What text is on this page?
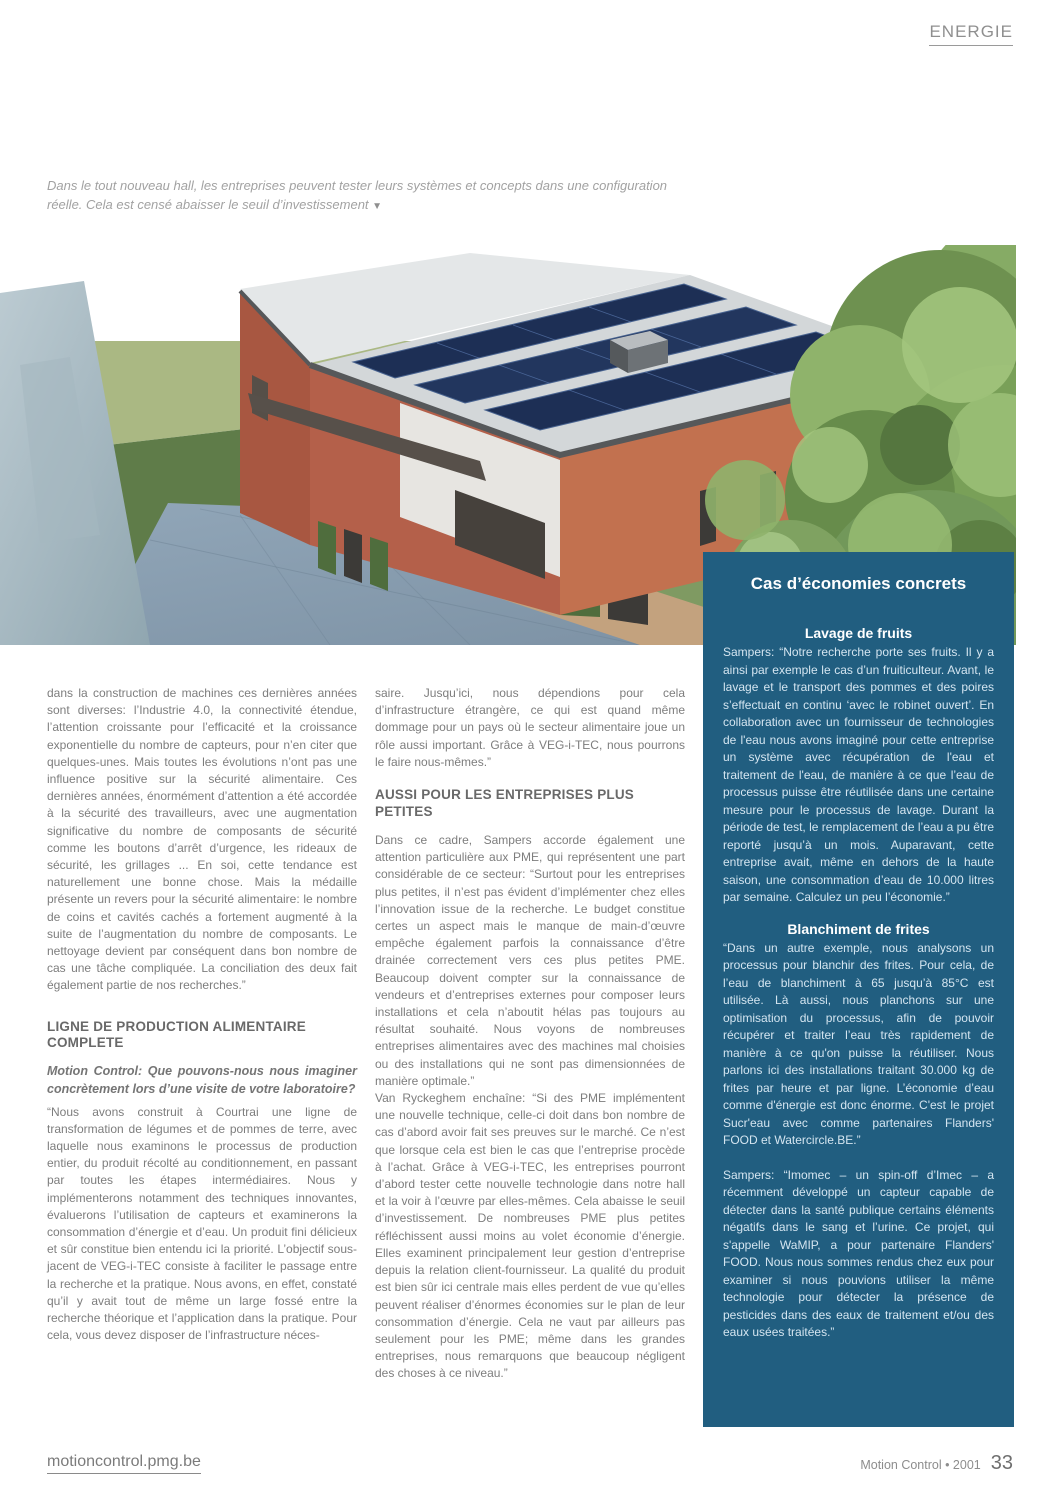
ENERGIE
Dans le tout nouveau hall, les entreprises peuvent tester leurs systèmes et concepts dans une configuration réelle. Cela est censé abaisser le seuil d’investissement ▼
Cas d’économies concrets
Lavage de fruits

Sampers: “Notre recherche porte ses fruits. Il y a ainsi par exemple le cas d’un fruiticulteur. Avant, le lavage et le transport des pommes et des poires s’effectuait en continu ‘avec le robinet ouvert’. En collaboration avec un fournisseur de technologies de l'eau nous avons imaginé pour cette entreprise un système avec récupération de l'eau et traitement de l'eau, de manière à ce que l’eau de processus puisse être réutilisée dans une certaine mesure pour le processus de lavage. Durant la période de test, le remplacement de l’eau a pu être reporté jusqu’à un mois. Auparavant, cette entreprise avait, même en dehors de la haute saison, une consommation d’eau de 10.000 litres par semaine. Calculez un peu l’économie.”

Blanchiment de frites

“Dans un autre exemple, nous analysons un processus pour blanchir des frites. Pour cela, de l’eau de blanchiment à 65 jusqu’à 85°C est utilisée. Là aussi, nous planchons sur une optimisation du processus, afin de pouvoir récupérer et traiter l’eau très rapidement de manière à ce qu'on puisse la réutiliser. Nous parlons ici des installations traitant 30.000 kg de frites par heure et par ligne. L’économie d’eau comme d'énergie est donc énorme. C'est le projet Sucr'eau avec comme partenaires Flanders' FOOD et Watercircle.BE.”

Sampers: “Imomec – un spin-off d’Imec – a récemment développé un capteur capable de détecter dans la santé publique certains éléments négatifs dans le sang et l’urine. Ce projet, qui s'appelle WaMIP, a pour partenaire Flanders' FOOD. Nous nous sommes rendus chez eux pour examiner si nous pouvions utiliser la même technologie pour détecter la présence de pesticides dans des eaux de traitement et/ou des eaux usées traitées.”

dans la construction de machines ces dernières années sont diverses: l’Industrie 4.0, la connectivité étendue, l’attention croissante pour l’efficacité et la croissance exponentielle du nombre de capteurs, pour n’en citer que quelques-unes. Mais toutes les évolutions n’ont pas une influence positive sur la sécurité alimentaire. Ces dernières années, énormément d’attention a été accordée à la sécurité des travailleurs, avec une augmentation significative du nombre de composants de sécurité comme les boutons d’arrêt d’urgence, les rideaux de sécurité, les grillages ... En soi, cette tendance est naturellement une bonne chose. Mais la médaille présente un revers pour la sécurité alimentaire: le nombre de coins et cavités cachés a fortement augmenté à la suite de l’augmentation du nombre de composants. Le nettoyage devient par conséquent dans bon nombre de cas une tâche compliquée. La conciliation des deux fait également partie de nos recherches.”

LIGNE DE PRODUCTION ALIMENTAIRE COMPLETE

Motion Control: Que pouvons-nous nous imaginer concrètement lors d’une visite de votre laboratoire?

“Nous avons construit à Courtrai une ligne de transformation de légumes et de pommes de terre, avec laquelle nous examinons le processus de production entier, du produit récolté au conditionnement, en passant par toutes les étapes intermédiaires. Nous y implémenterons notamment des techniques innovantes, évaluerons l’utilisation de capteurs et examinerons la consommation d’énergie et d’eau. Un produit fini délicieux et sûr constitue bien entendu ici la priorité. L’objectif sous-jacent de VEG-i-TEC consiste à faciliter le passage entre la recherche et la pratique. Nous avons, en effet, constaté qu’il y avait tout de même un large fossé entre la recherche théorique et l’application dans la pratique. Pour cela, vous devez disposer de l’infrastructure néces-

saire. Jusqu’ici, nous dépendions pour cela d’infrastructure étrangère, ce qui est quand même dommage pour un pays où le secteur alimentaire joue un rôle aussi important. Grâce à VEG-i-TEC, nous pourrons le faire nous-mêmes.”

AUSSI POUR LES ENTREPRISES PLUS PETITES

Dans ce cadre, Sampers accorde également une attention particulière aux PME, qui représentent une part considérable de ce secteur: “Surtout pour les entreprises plus petites, il n’est pas évident d’implémenter chez elles l’innovation issue de la recherche. Le budget constitue certes un aspect mais le manque de main-d’œuvre empêche également parfois la connaissance d’être drainée correctement vers ces plus petites PME. Beaucoup doivent compter sur la connaissance de vendeurs et d’entreprises externes pour composer leurs installations et cela n’aboutit hélas pas toujours au résultat souhaité. Nous voyons de nombreuses entreprises alimentaires avec des machines mal choisies ou des installations qui ne sont pas dimensionnées de manière optimale.”

Van Ryckeghem enchaîne: “Si des PME implémentent une nouvelle technique, celle-ci doit dans bon nombre de cas d’abord avoir fait ses preuves sur le marché. Ce n’est que lorsque cela est bien le cas que l’entreprise procède à l’achat. Grâce à VEG-i-TEC, les entreprises pourront d’abord tester cette nouvelle technologie dans notre hall et la voir à l’œuvre par elles-mêmes. Cela abaisse le seuil d’investissement. De nombreuses PME plus petites réfléchissent aussi moins au volet économie d’énergie. Elles examinent principalement leur gestion d’entreprise depuis la relation client-fournisseur. La qualité du produit est bien sûr ici centrale mais elles perdent de vue qu’elles peuvent réaliser d’énormes économies sur le plan de leur consommation d’énergie. Cela ne vaut par ailleurs pas seulement pour les PME; même dans les grandes entreprises, nous remarquons que beaucoup négligent des choses à ce niveau.”

motioncontrol.pmg.be	Motion Control • 2001 33
